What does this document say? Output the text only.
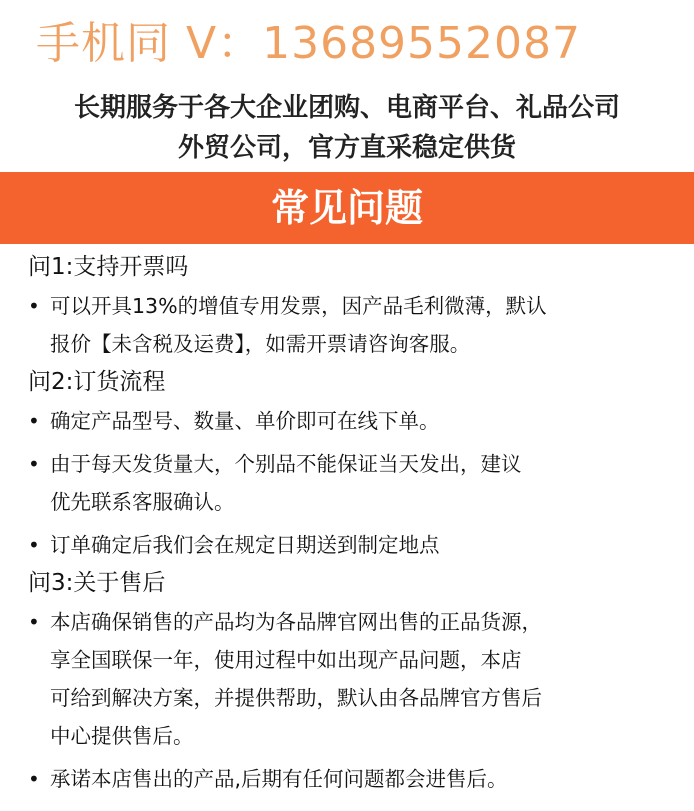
手机同 V：13689552087
长期服务于各大企业团购、电商平台、礼品公司
外贸公司，官方直采稳定供货
常见问题
问1:支持开票吗
• 可以开具13%的增值专用发票，因产品毛利微薄，默认
报价【未含税及运费】，如需开票请咨询客服。
问2:订货流程
• 确定产品型号、数量、单价即可在线下单。
• 由于每天发货量大，个别品不能保证当天发出，建议
优先联系客服确认。
• 订单确定后我们会在规定日期送到制定地点
问3:关于售后
• 本店确保销售的产品均为各品牌官网出售的正品货源，
享全国联保一年，使用过程中如出现产品问题，本店
可给到解决方案，并提供帮助，默认由各品牌官方售后
中心提供售后。
• 承诺本店售出的产品,后期有任何问题都会进售后。
